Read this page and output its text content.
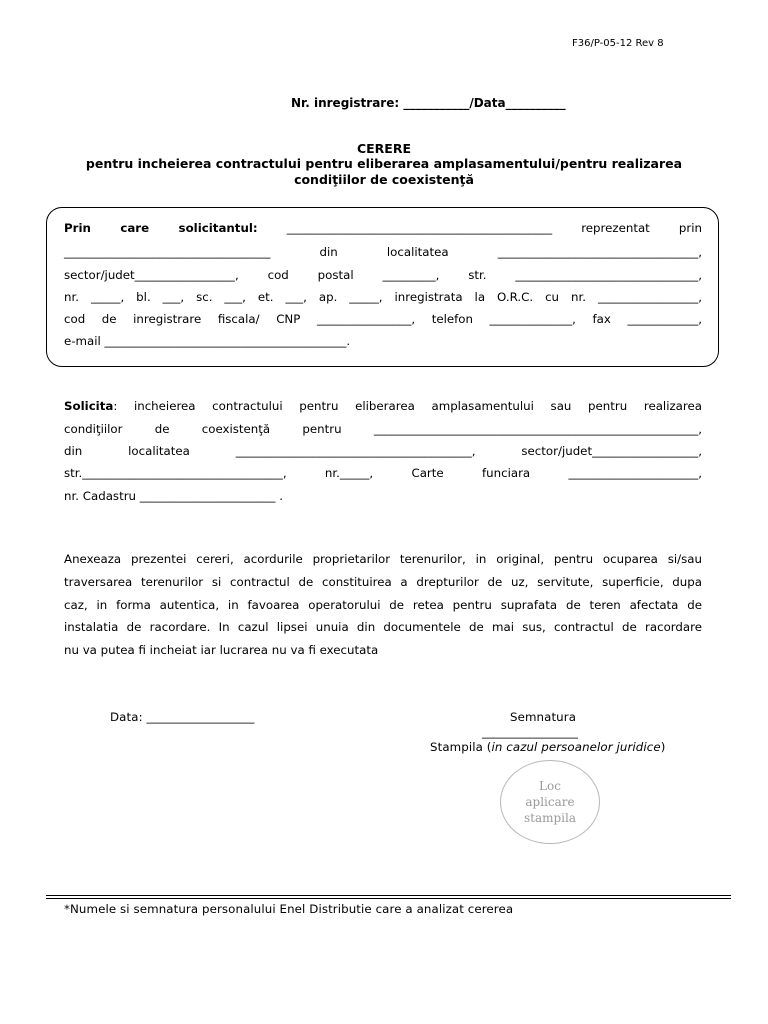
F36/P-05-12 Rev 8
Nr. inregistrare: ___________/Data__________
CERERE
pentru incheierea contractului pentru eliberarea amplasamentului/pentru realizarea
condiţiilor de coexistenţă
Prin care solicitantul: _____________________________________________ reprezentat prin
___________________________________ din localitatea __________________________________,
sector/judet_________________, cod postal _________, str. _______________________________,
nr. _____, bl. ___, sc. ___, et. ___, ap. _____, inregistrata la O.R.C. cu nr. _________________,
cod de inregistrare fiscala/ CNP ________________, telefon ______________, fax ____________,
e-mail _________________________________________.
Solicita: incheierea contractului pentru eliberarea amplasamentului sau pentru realizarea
condiţiilor de coexistenţă pentru _______________________________________________________,
din localitatea ________________________________________, sector/judet__________________,
str.__________________________________, nr._____, Carte funciara ______________________,
nr. Cadastru _______________________ .
Anexeaza prezentei cereri, acordurile proprietarilor terenurilor, in original, pentru ocuparea si/sau
traversarea terenurilor si contractul de constituirea a drepturilor de uz, servitute, superficie, dupa
caz, in forma autentica, in favoarea operatorului de retea pentru suprafata de teren afectata de
instalatia de racordare. In cazul lipsei unuia din documentele de mai sus, contractul de racordare
nu va putea fi incheiat iar lucrarea nu va fi executata
Data: __________________	Semnatura
________________
Stampila (in cazul persoanelor juridice)
Loc
aplicare
stampila
*Numele si semnatura personalului Enel Distributie care a analizat cererea
